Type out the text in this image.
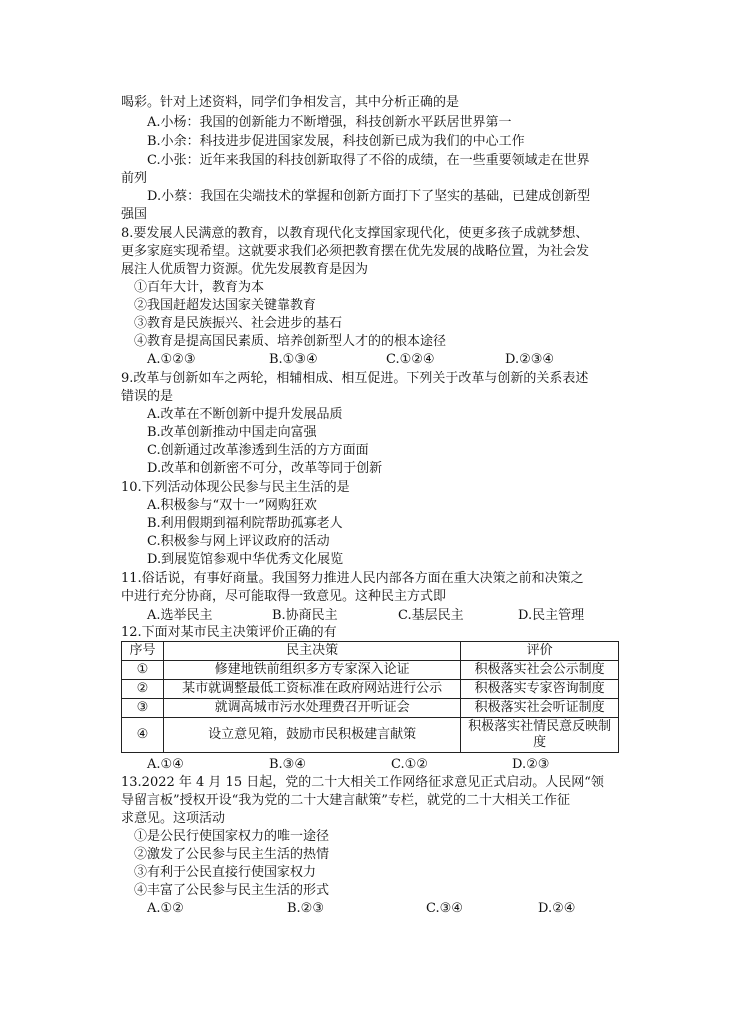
喝彩。针对上述资料，同学们争相发言，其中分析正确的是
A.小杨：我国的创新能力不断增强，科技创新水平跃居世界第一
B.小余：科技进步促进国家发展，科技创新已成为我们的中心工作
C.小张：近年来我国的科技创新取得了不俗的成绩，在一些重要领域走在世界
前列
D.小蔡：我国在尖端技术的掌握和创新方面打下了坚实的基础，已建成创新型
强国
8.要发展人民满意的教育，以教育现代化支撑国家现代化，使更多孩子成就梦想、
更多家庭实现希望。这就要求我们必须把教育摆在优先发展的战略位置，为社会发
展注人优质智力资源。优先发展教育是因为
①百年大计，教育为本
②我国赶超发达国家关键靠教育
③教育是民族振兴、社会进步的基石
④教育是提高国民素质、培养创新型人才的的根本途径
A.①②③	B.①③④	C.①②④	D.②③④
9.改革与创新如车之两轮，相辅相成、相互促进。下列关于改革与创新的关系表述
错误的是
A.改革在不断创新中提升发展品质
B.改革创新推动中国走向富强
C.创新通过改革渗透到生活的方方面面
D.改革和创新密不可分，改革等同于创新
10.下列活动体现公民参与民主生活的是
A.积极参与“双十一”网购狂欢
B.利用假期到福利院帮助孤寡老人
C.积极参与网上评议政府的活动
D.到展览馆参观中华优秀文化展览
11.俗话说，有事好商量。我国努力推进人民内部各方面在重大决策之前和决策之
中进行充分协商，尽可能取得一致意见。这种民主方式即
A.选举民主	B.协商民主	C.基层民主	D.民主管理
12.下面对某市民主决策评价正确的有
序号	民主决策	评价
①	修建地铁前组织多方专家深入论证	积极落实社会公示制度
②	某市就调整最低工资标准在政府网站进行公示	积极落实专家咨询制度
③	就调高城市污水处理费召开听证会	积极落实社会听证制度
④	设立意见箱，鼓励市民积极建言献策	积极落实社情民意反映制度
A.①④	B.③④	C.①②	D.②③
13.2022 年 4 月 15 日起，党的二十大相关工作网络征求意见正式启动。人民网“领
导留言板”授权开设“我为党的二十大建言献策”专栏，就党的二十大相关工作征
求意见。这项活动
①是公民行使国家权力的唯一途径
②激发了公民参与民主生活的热情
③有利于公民直接行使国家权力
④丰富了公民参与民主生活的形式
A.①②	B.②③	C.③④	D.②④
